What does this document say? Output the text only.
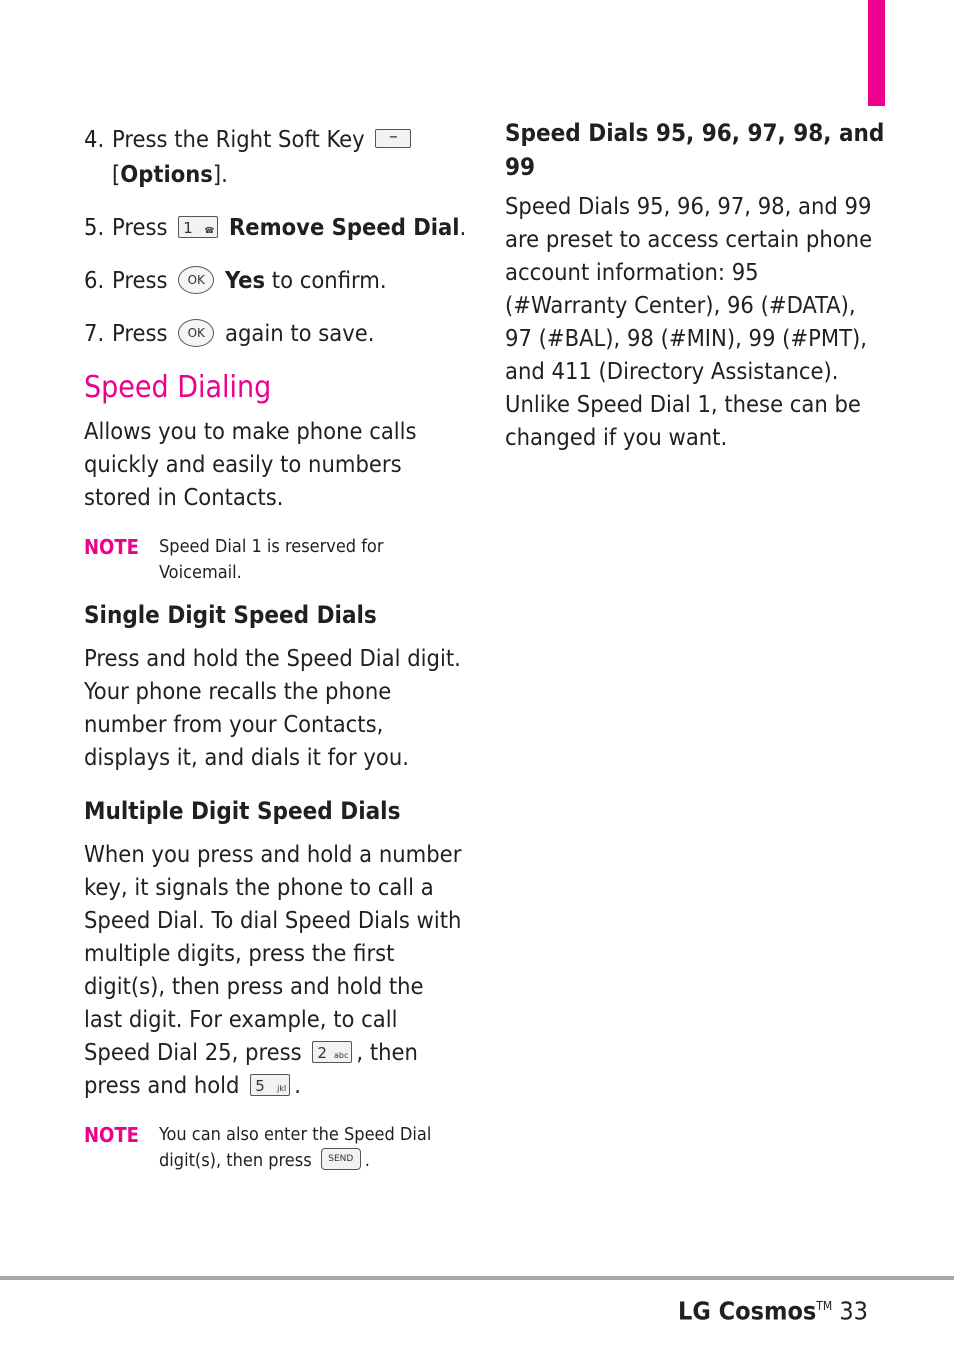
4. Press the Right Soft Key –
[Options].
5. Press 1 ☎ Remove Speed Dial.
6. Press OK Yes to confirm.
7. Press OK again to save.
Speed Dialing

Allows you to make phone calls quickly and easily to numbers stored in Contacts.

NOTE Speed Dial 1 is reserved for Voicemail.
Single Digit Speed Dials

Press and hold the Speed Dial digit. Your phone recalls the phone number from your Contacts, displays it, and dials it for you.

Multiple Digit Speed Dials

When you press and hold a number key, it signals the phone to call a Speed Dial. To dial Speed Dials with multiple digits, press the first digit(s), then press and hold the last digit. For example, to call Speed Dial 25, press 2 abc , then press and hold 5 jkl .

NOTE You can also enter the Speed Dial digit(s), then press SEND .
Speed Dials 95, 96, 97, 98, and 99

Speed Dials 95, 96, 97, 98, and 99 are preset to access certain phone account information: 95 (#Warranty Center), 96 (#DATA), 97 (#BAL), 98 (#MIN), 99 (#PMT), and 411 (Directory Assistance). Unlike Speed Dial 1, these can be changed if you want.

LG Cosmos™ 33
